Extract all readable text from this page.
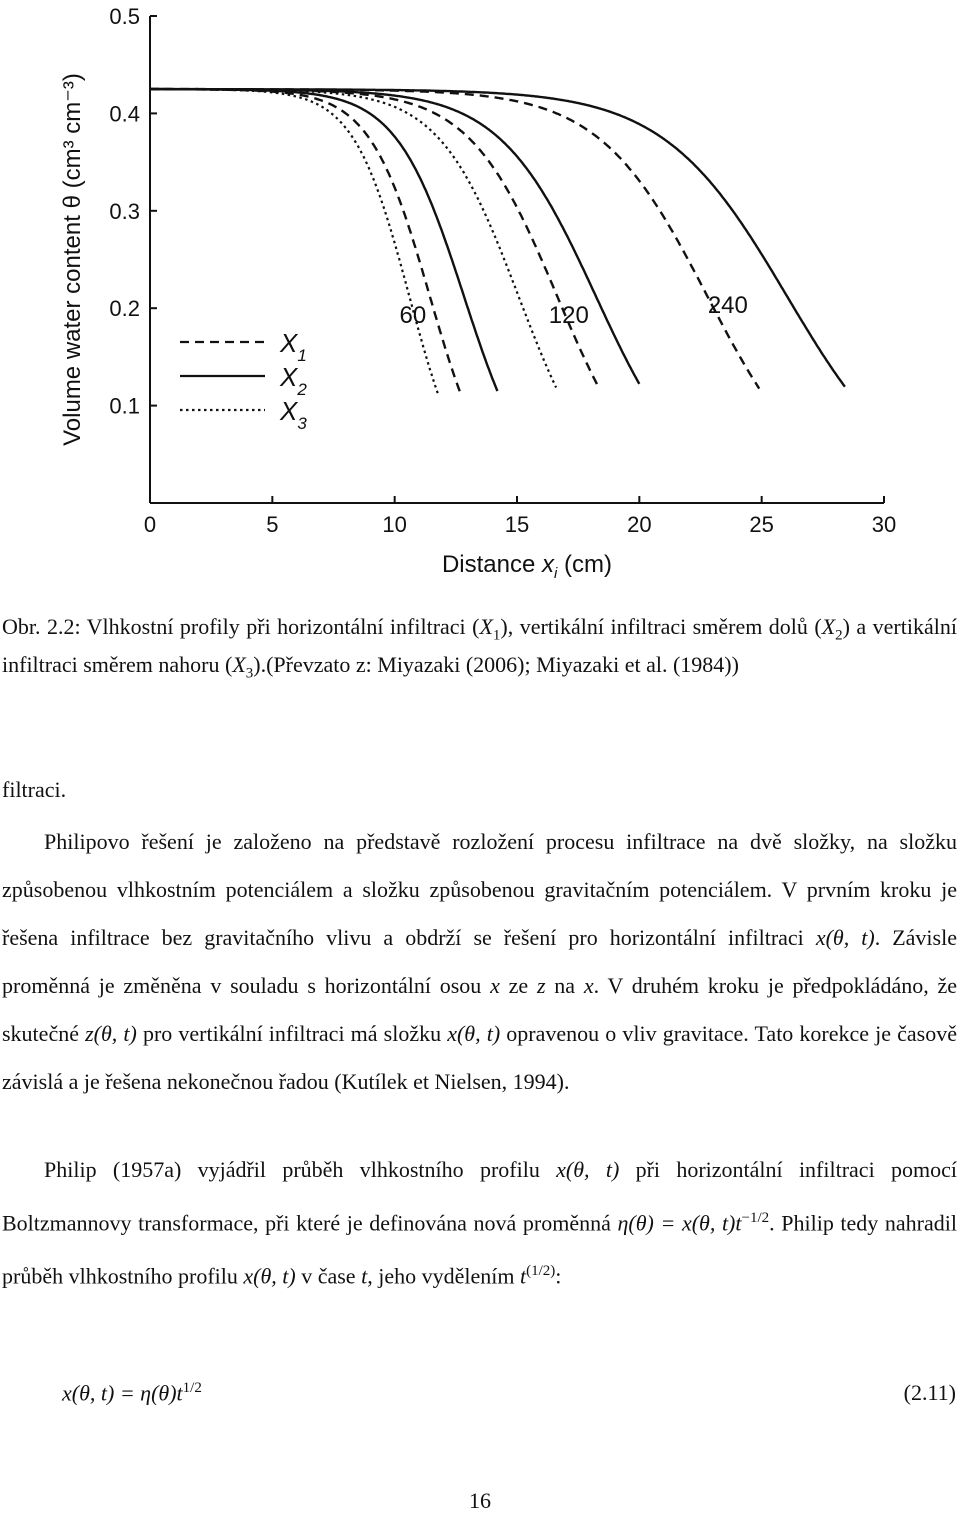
0	5	10	15	20	25	30
0.1
0.2
0.3
0.4
0.5
Distance $x_i$ (cm)
Volume water content θ (cm³ cm⁻³)	60	120	240
$X_1$
$X_2$
$X_3$
Obr. 2.2: Vlhkostní profily při horizontální infiltraci $(X_1)$, vertikální infiltraci směrem dolů $(X_2)$ a vertikální infiltraci směrem nahoru $(X_3).(Převzato$ z: Miyazaki (2006); Miyazaki et al. (1984))
filtraci.
Philipovo řešení je založeno na představě rozložení procesu infiltrace na dvě složky, na složku způsobenou vlhkostním potenciálem a složku způsobenou gravitačním potenciálem. V prvním kroku je řešena infiltrace bez gravitačního vlivu a obdrží se řešení pro horizontální infiltraci x(θ, t). Závisle proměnná je změněna v souladu s horizontální osou x ze z na x. V druhém kroku je předpokládáno, že skutečné z(θ, t) pro vertikální infiltraci má složku x(θ, t) opravenou o vliv gravitace. Tato korekce je časově závislá a je řešena nekonečnou řadou (Kutílek et Nielsen, 1994).
Philip (1957a) vyjádřil průběh vlhkostního profilu x(θ, t) při horizontální infiltraci pomocí Boltzmannovy transformace, při které je definována nová proměnná η(θ) = x(θ, $t)t^{-1/2}$. Philip tedy nahradil průběh vlhkostního profilu x(θ, t) v čase t, jeho vydělením $t^{(1/2)}$:
x(θ, $t) = \eta(\theta)t^{1/2}$	(2.11)
16
